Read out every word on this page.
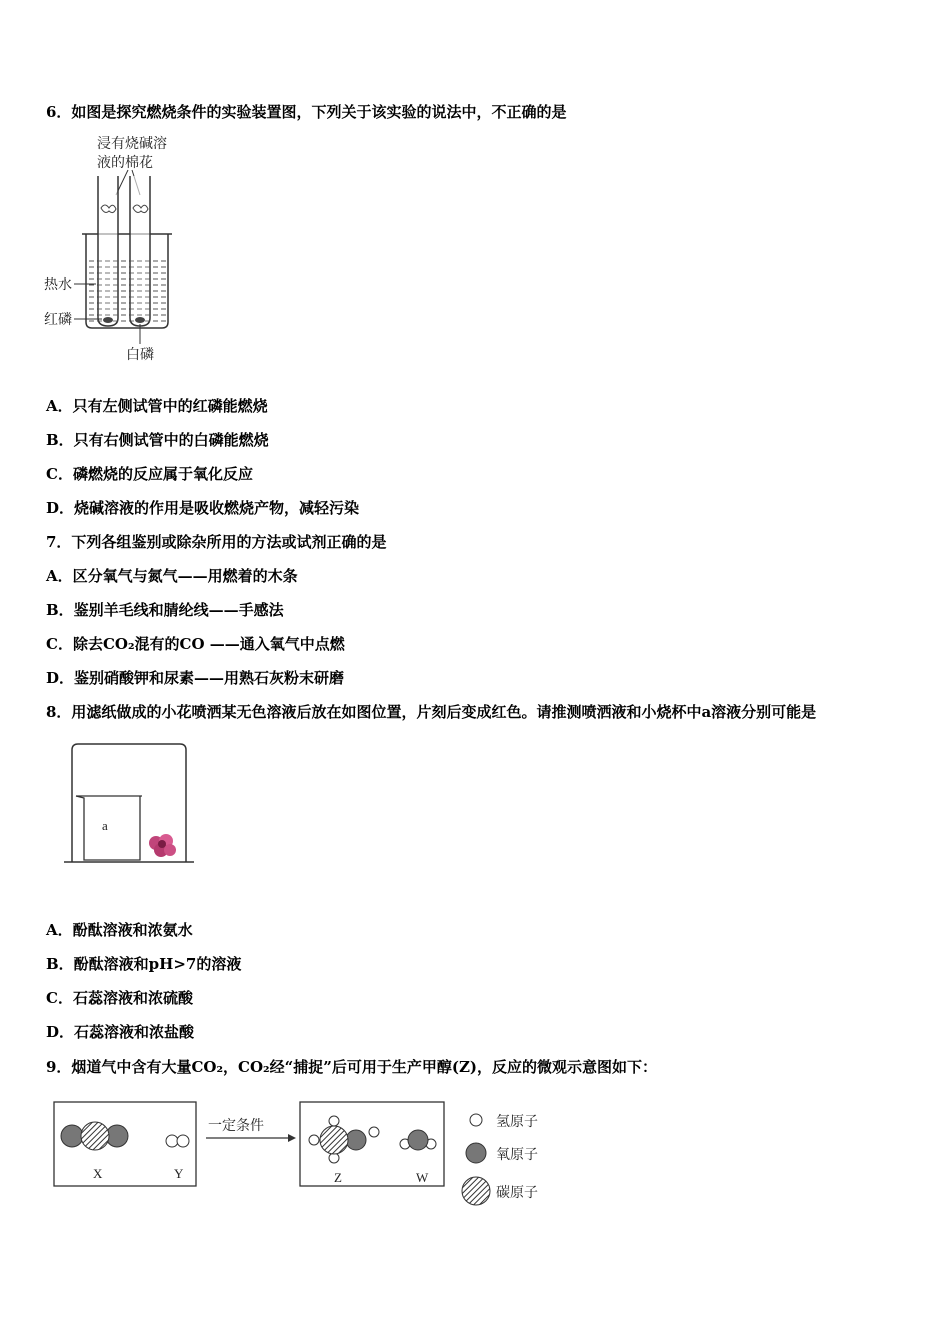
6．如图是探究燃烧条件的实验装置图，下列关于该实验的说法中，不正确的是
浸有烧碱溶
液的棉花
热水
红磷
白磷
A．只有左侧试管中的红磷能燃烧
B．只有右侧试管中的白磷能燃烧
C．磷燃烧的反应属于氧化反应
D．烧碱溶液的作用是吸收燃烧产物，减轻污染
7．下列各组鉴别或除杂所用的方法或试剂正确的是
A．区分氧气与氮气——用燃着的木条
B．鉴别羊毛线和腈纶线——手感法
C．除去CO₂混有的CO ——通入氧气中点燃
D．鉴别硝酸钾和尿素——用熟石灰粉末研磨
8．用滤纸做成的小花喷洒某无色溶液后放在如图位置，片刻后变成红色。请推测喷洒液和小烧杯中a溶液分别可能是
a
A．酚酞溶液和浓氨水
B．酚酞溶液和pH>7的溶液
C．石蕊溶液和浓硫酸
D．石蕊溶液和浓盐酸
9．烟道气中含有大量CO₂，CO₂经“捕捉”后可用于生产甲醇(Z)，反应的微观示意图如下：
X	Y
一定条件
Z	W
氢原子
氧原子
碳原子
